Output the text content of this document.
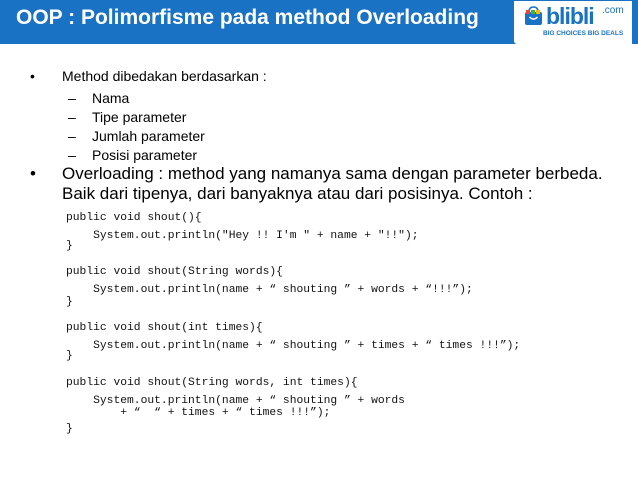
OOP : Polimorfisme pada method Overloading	blibli .com
BIG CHOICES BIG DEALS
• Method dibedakan berdasarkan :
– Nama
– Tipe parameter
– Jumlah parameter
– Posisi parameter
• Overloading : method yang namanya sama dengan parameter berbeda. Baik dari tipenya, dari banyaknya atau dari posisinya. Contoh :
public void shout(){
System.out.println("Hey !! I'm " + name + "!!");
}
public void shout(String words){
System.out.println(name + “ shouting ” + words + “!!!”);
}
public void shout(int times){
System.out.println(name + “ shouting ” + times + “ times !!!”);
}
public void shout(String words, int times){
System.out.println(name + “ shouting ” + words
+ “  “ + times + “ times !!!”);
}
